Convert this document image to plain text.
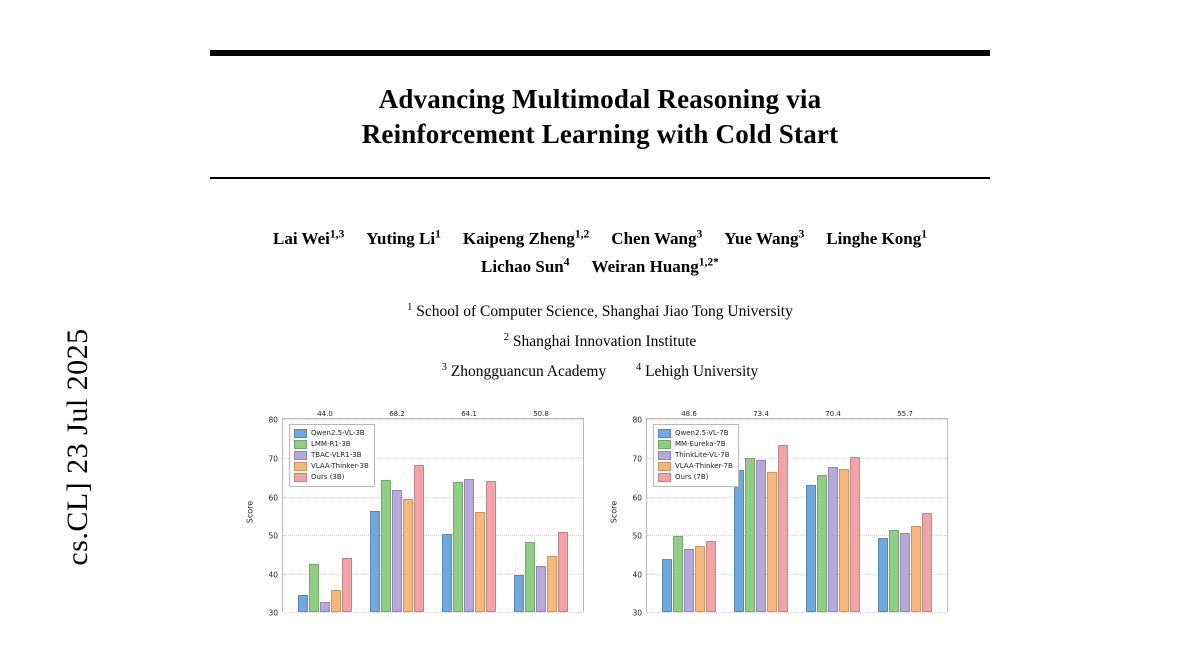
cs.CL] 23 Jul 2025
Advancing Multimodal Reasoning via
Reinforcement Learning with Cold Start
Lai Wei$^{1,3}$ Yuting Li$^1$ Kaipeng Zheng$^{1,2}$ Chen Wang$^3$ Yue Wang$^3$ Linghe Kong$^1$
Lichao Sun$^4$ Weiran Huang$^{1,2*}$
$^1$ School of Computer Science, Shanghai Jiao Tong University
$^2$ Shanghai Innovation Institute
$^3$ Zhongguancun Academy	$^4$ Lehigh University
Score
30
40
50
60
70
80
44.0	68.2	64.1	50.8
Qwen2.5-VL-3B
LMM-R1-3B
TBAC-VLR1-3B
VLAA-Thinker-3B
Ours (3B)
Score
30
40
50
60
70
80
48.6	73.4	70.4	55.7
Qwen2.5-VL-7B
MM-Eureka-7B
ThinkLite-VL-7B
VLAA-Thinker-7B
Ours (7B)
